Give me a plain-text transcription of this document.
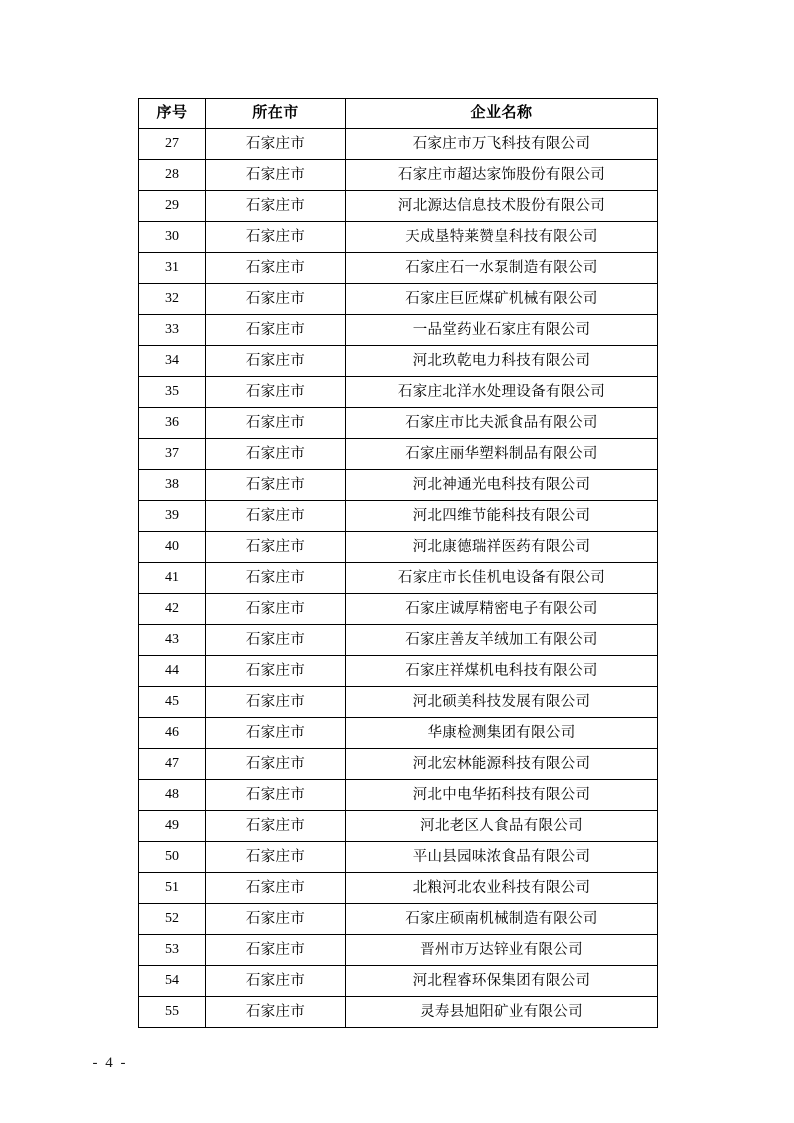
序号	所在市	企业名称
27	石家庄市	石家庄市万飞科技有限公司
28	石家庄市	石家庄市超达家饰股份有限公司
29	石家庄市	河北源达信息技术股份有限公司
30	石家庄市	天成垦特莱赞皇科技有限公司
31	石家庄市	石家庄石一水泵制造有限公司
32	石家庄市	石家庄巨匠煤矿机械有限公司
33	石家庄市	一品堂药业石家庄有限公司
34	石家庄市	河北玖乾电力科技有限公司
35	石家庄市	石家庄北洋水处理设备有限公司
36	石家庄市	石家庄市比夫派食品有限公司
37	石家庄市	石家庄丽华塑料制品有限公司
38	石家庄市	河北神通光电科技有限公司
39	石家庄市	河北四维节能科技有限公司
40	石家庄市	河北康德瑞祥医药有限公司
41	石家庄市	石家庄市长佳机电设备有限公司
42	石家庄市	石家庄诚厚精密电子有限公司
43	石家庄市	石家庄善友羊绒加工有限公司
44	石家庄市	石家庄祥煤机电科技有限公司
45	石家庄市	河北硕美科技发展有限公司
46	石家庄市	华康检测集团有限公司
47	石家庄市	河北宏林能源科技有限公司
48	石家庄市	河北中电华拓科技有限公司
49	石家庄市	河北老区人食品有限公司
50	石家庄市	平山县园味浓食品有限公司
51	石家庄市	北粮河北农业科技有限公司
52	石家庄市	石家庄硕南机械制造有限公司
53	石家庄市	晋州市万达锌业有限公司
54	石家庄市	河北程睿环保集团有限公司
55	石家庄市	灵寿县旭阳矿业有限公司
- 4 -
